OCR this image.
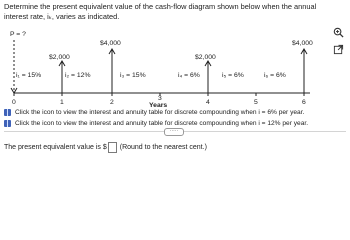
Determine the present equivalent value of the cash-flow diagram shown below when the annual interest rate, iₖ, varies as indicated.
P = ?
0	1	2
3
Years	4	5	6
$2,000
$4,000
$2,000
$4,000
i₁ = 15%	i₂ = 12%	i₃ = 15%	i₄ = 6%	i₅ = 6%	i₆ = 6%
Click the icon to view the interest and annuity table for discrete compounding when i = 6% per year.
Click the icon to view the interest and annuity table for discrete compounding when i = 12% per year.
·····
The present equivalent value is $ (Round to the nearest cent.)
